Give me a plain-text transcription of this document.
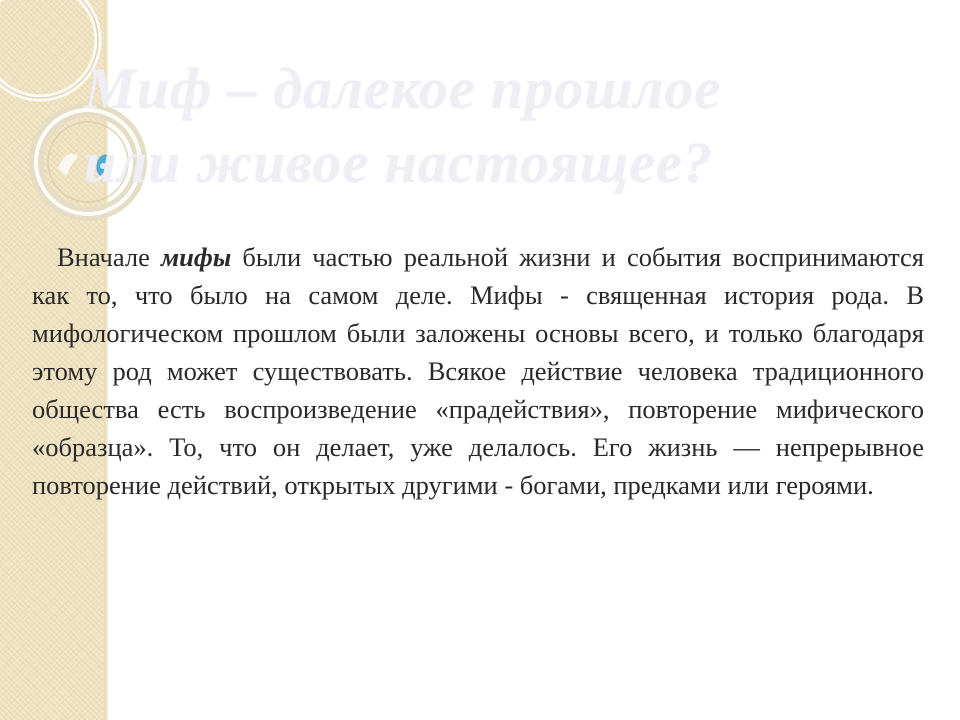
Миф – далекое прошлое
или живое настоящее?

Вначале мифы были частью реальной жизни и события воспринимаются как то, что было на самом деле. Мифы - священная история рода. В мифологическом прошлом были заложены основы всего, и только благодаря этому род может существовать. Всякое действие человека традиционного общества есть воспроизведение «прадействия», повторение мифического «образца». То, что он делает, уже делалось. Его жизнь — непрерывное повторение действий, открытых другими - богами, предками или героями.
